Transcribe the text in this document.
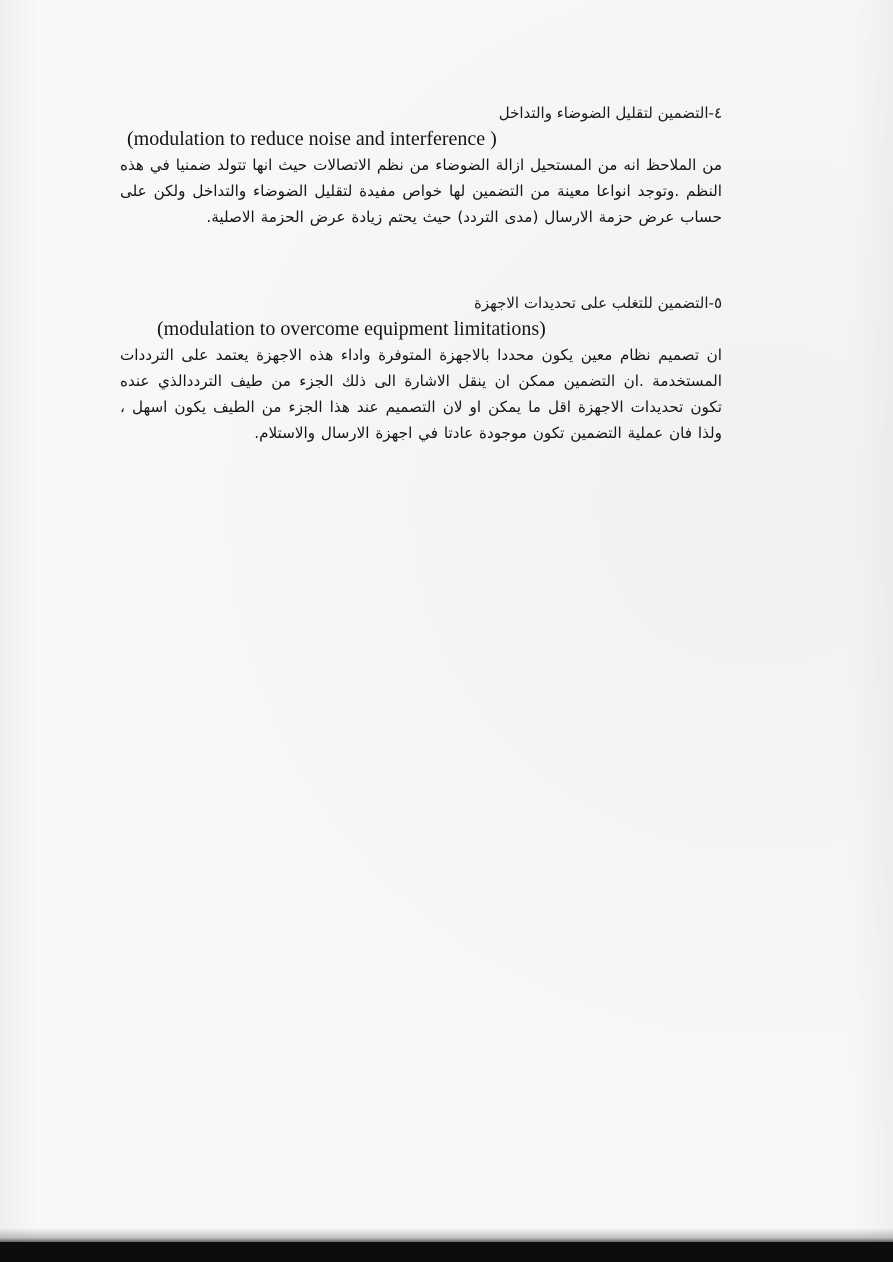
٤-التضمين لتقليل الضوضاء والتداخل
(modulation to reduce noise and interference )
من الملاحظ انه من المستحيل ازالة الضوضاء من نظم الاتصالات حيث انها تتولد ضمنيا في هذه النظم .وتوجد انواعا معينة من التضمين لها خواص مفيدة لتقليل الضوضاء والتداخل ولكن على حساب عرض حزمة الارسال (مدى التردد) حيث يحتم زيادة عرض الحزمة الاصلية.
٥-التضمين للتغلب على تحديدات الاجهزة
(modulation to overcome equipment limitations)
ان تصميم نظام معين يكون محددا بالاجهزة المتوفرة واداء هذه الاجهزة يعتمد على الترددات المستخدمة .ان التضمين ممكن ان ينقل الاشارة الى ذلك الجزء من طيف الترددالذي عنده تكون تحديدات الاجهزة اقل ما يمكن او لان التصميم عند هذا الجزء من الطيف يكون اسهل ، ولذا فان عملية التضمين تكون موجودة عادتا في اجهزة الارسال والاستلام.
